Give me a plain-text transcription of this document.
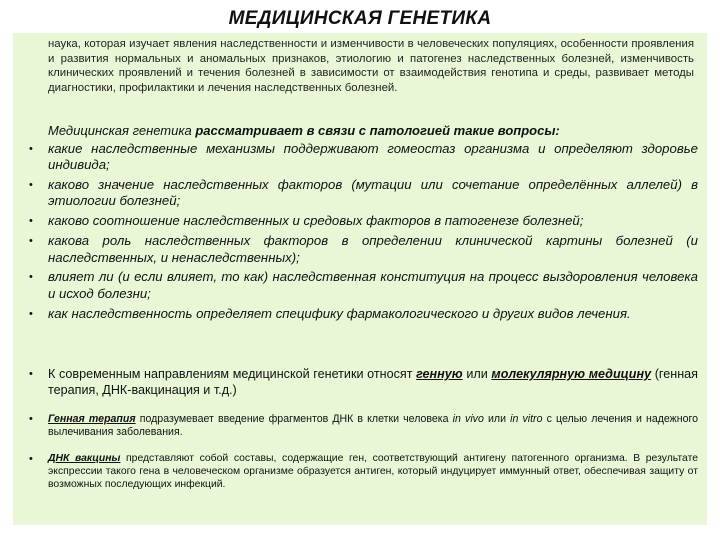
МЕДИЦИНСКАЯ ГЕНЕТИКА
наука, которая изучает явления наследственности и изменчивости в человеческих популяциях, особенности проявления и развития нормальных и аномальных признаков, этиологию и патогенез наследственных болезней, изменчивость клинических проявлений и течения болезней в зависимости от взаимодействия генотипа и среды, развивает методы диагностики, профилактики и лечения наследственных болезней.
Медицинская генетика рассматривает в связи с патологией такие вопросы:
• какие наследственные механизмы поддерживают гомеостаз организма и определяют здоровье индивида;
• каково значение наследственных факторов (мутации или сочетание определённых аллелей) в этиологии болезней;
• каково соотношение наследственных и средовых факторов в патогенезе болезней;
• какова роль наследственных факторов в определении клинической картины болезней (и наследственных, и ненаследственных);
• влияет ли (и если влияет, то как) наследственная конституция на процесс выздоровления человека и исход болезни;
• как наследственность определяет специфику фармакологического и других видов лечения.
•	К современным направлениям медицинской генетики относят генную или молекулярную медицину (генная терапия, ДНК-вакцинация и т.д.)
•	Генная терапия подразумевает введение фрагментов ДНК в клетки человека in vivo или in vitro с целью лечения и надежного вылечивания заболевания.
•	ДНК вакцины представляют собой составы, содержащие ген, соответствующий антигену патогенного организма. В результате экспрессии такого гена в человеческом организме образуется антиген, который индуцирует иммунный ответ, обеспечивая защиту от возможных последующих инфекций.
